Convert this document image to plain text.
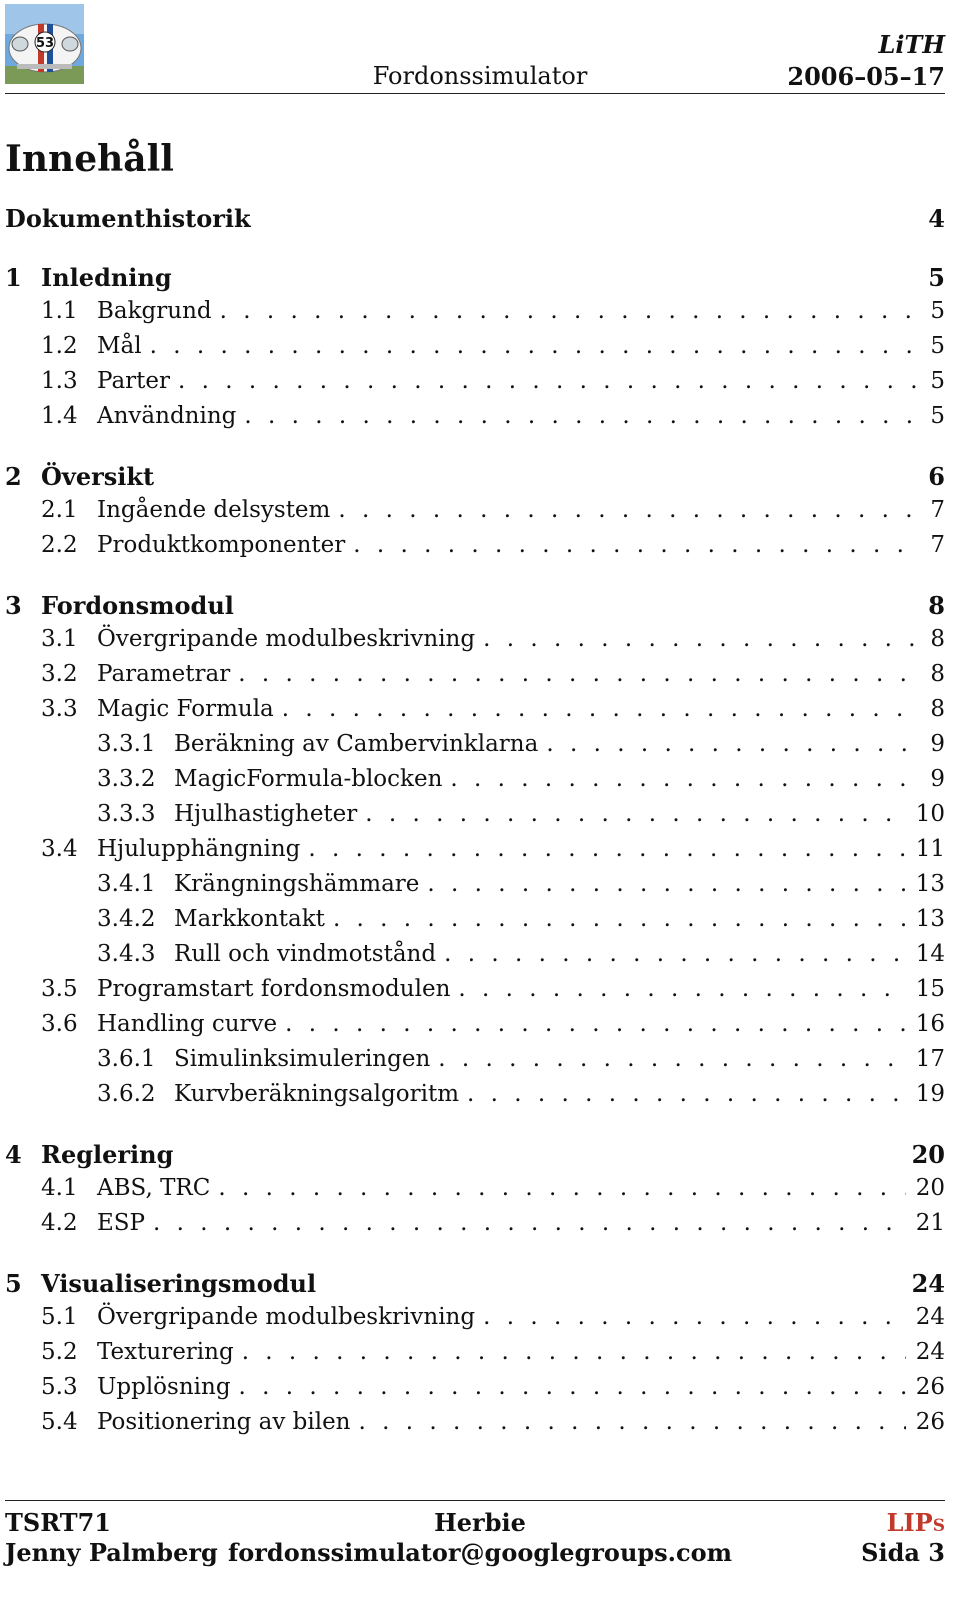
53	LiTH
Fordonssimulator	2006–05–17
Innehåll
Dokumenthistorik	4
1 Inledning	5
1.1 Bakgrund . . .	5
1.2 Mål . . .	5
1.3 Parter . . .	5
1.4 Användning . . .	5
2 Översikt	6
2.1 Ingående delsystem . . .	7
2.2 Produktkomponenter . . .	7
3 Fordonsmodul	8
3.1 Övergripande modulbeskrivning . . .	8
3.2 Parametrar . . .	8
3.3 Magic Formula . . .	8
3.3.1 Beräkning av Cambervinklarna . . .	9
3.3.2 MagicFormula-blocken . . .	9
3.3.3 Hjulhastigheter . . .	10
3.4 Hjulupphängning . . .	11
3.4.1 Krängningshämmare . . .	13
3.4.2 Markkontakt . . .	13
3.4.3 Rull och vindmotstånd . . .	14
3.5 Programstart fordonsmodulen . . .	15
3.6 Handling curve . . .	16
3.6.1 Simulinksimuleringen . . .	17
3.6.2 Kurvberäkningsalgoritm . . .	19
4 Reglering	20
4.1 ABS, TRC . . .	20
4.2 ESP . . .	21
5 Visualiseringsmodul	24
5.1 Övergripande modulbeskrivning . . .	24
5.2 Texturering . . .	24
5.3 Upplösning . . .	26
5.4 Positionering av bilen . . .	26
TSRT71	Herbie	LIPs
Jenny Palmberg fordonssimulator@googlegroups.com	Sida 3
